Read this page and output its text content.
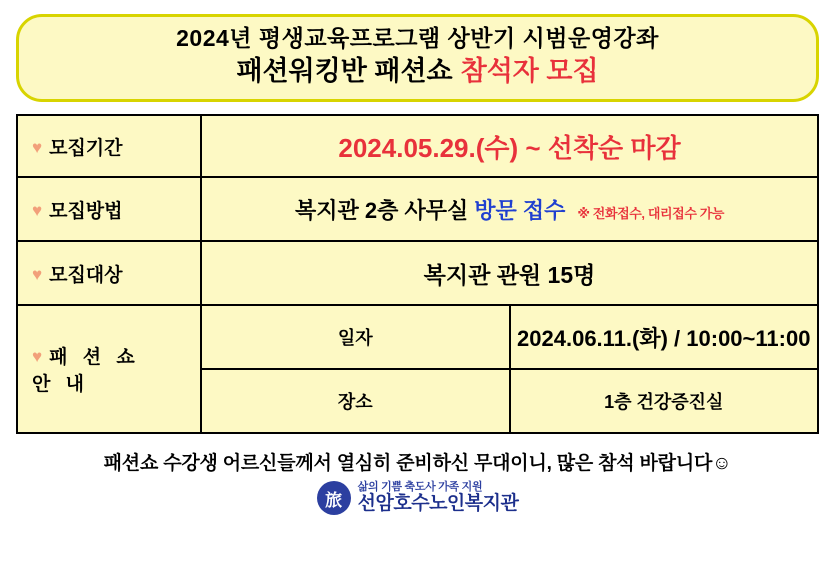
2024년 평생교육프로그램 상반기 시범운영강좌
패션워킹반 패션쇼 참석자 모집
♥ 모집기간	2024.05.29.(수) ~ 선착순 마감	
♥ 모집방법	복지관 2층 사무실 방문 접수 ※ 전화접수, 대리접수 가능	
♥ 모집대상	복지관 관원 15명	
♥ 패 션 쇼
안 내	일자	2024.06.11.(화) / 10:00~11:00
	장소	1층 건강증진실
패션쇼 수강생 어르신들께서 열심히 준비하신 무대이니, 많은 참석 바랍니다☺
旅
삶의 기쁨 축도사 가족 지원
선암호수노인복지관
